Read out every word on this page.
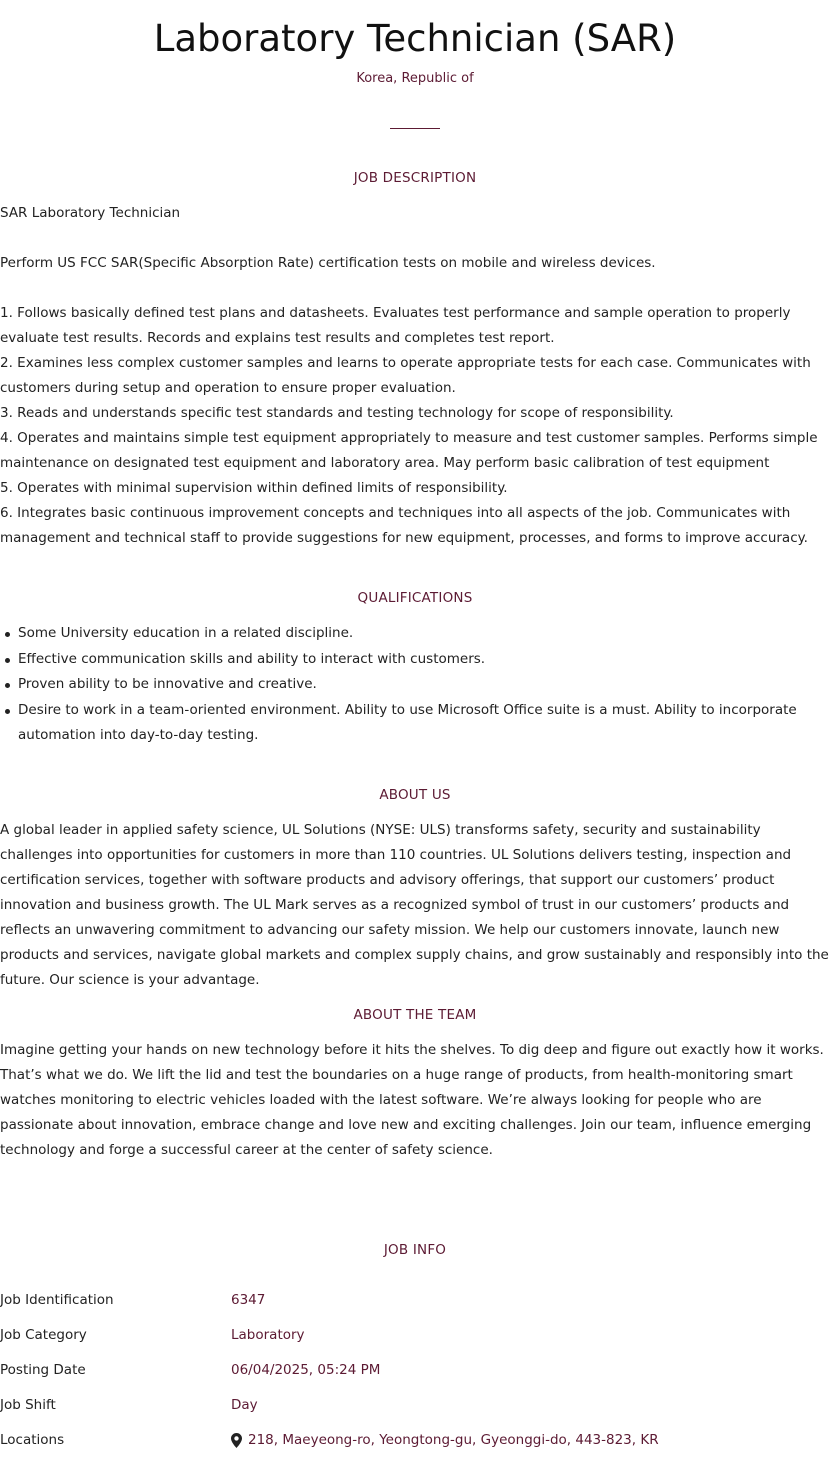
Laboratory Technician (SAR)
Korea, Republic of
JOB DESCRIPTION

SAR Laboratory Technician

Perform US FCC SAR(Specific Absorption Rate) certification tests on mobile and wireless devices.

1. Follows basically defined test plans and datasheets. Evaluates test performance and sample operation to properly evaluate test results. Records and explains test results and completes test report.

2. Examines less complex customer samples and learns to operate appropriate tests for each case. Communicates with customers during setup and operation to ensure proper evaluation.

3. Reads and understands specific test standards and testing technology for scope of responsibility.

4. Operates and maintains simple test equipment appropriately to measure and test customer samples. Performs simple maintenance on designated test equipment and laboratory area. May perform basic calibration of test equipment

5. Operates with minimal supervision within defined limits of responsibility.

6. Integrates basic continuous improvement concepts and techniques into all aspects of the job. Communicates with management and technical staff to provide suggestions for new equipment, processes, and forms to improve accuracy.

QUALIFICATIONS
Some University education in a related discipline.
Effective communication skills and ability to interact with customers.
Proven ability to be innovative and creative.
Desire to work in a team-oriented environment. Ability to use Microsoft Office suite is a must. Ability to incorporate automation into day-to-day testing.
ABOUT US
A global leader in applied safety science, UL Solutions (NYSE: ULS) transforms safety, security and sustainability challenges into opportunities for customers in more than 110 countries. UL Solutions delivers testing, inspection and certification services, together with software products and advisory offerings, that support our customers’ product innovation and business growth. The UL Mark serves as a recognized symbol of trust in our customers’ products and reflects an unwavering commitment to advancing our safety mission. We help our customers innovate, launch new products and services, navigate global markets and complex supply chains, and grow sustainably and responsibly into the future. Our science is your advantage.
ABOUT THE TEAM
Imagine getting your hands on new technology before it hits the shelves. To dig deep and figure out exactly how it works. That’s what we do. We lift the lid and test the boundaries on a huge range of products, from health-monitoring smart watches monitoring to electric vehicles loaded with the latest software. We’re always looking for people who are passionate about innovation, embrace change and love new and exciting challenges. Join our team, influence emerging technology and forge a successful career at the center of safety science.
JOB INFO
Job Identification	6347
Job Category	Laboratory
Posting Date	06/04/2025, 05:24 PM
Job Shift	Day
Locations	218, Maeyeong-ro, Yeongtong-gu, Gyeonggi-do, 443-823, KR
